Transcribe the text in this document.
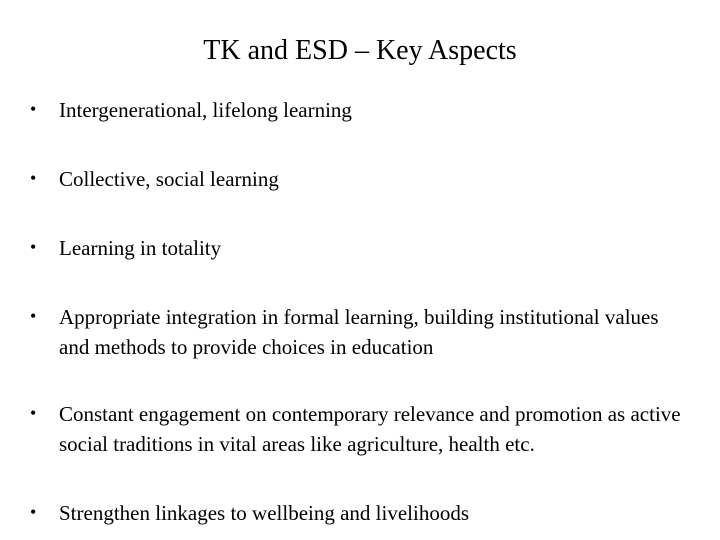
TK and ESD – Key Aspects
•	Intergenerational, lifelong learning
•	Collective, social learning
•	Learning in totality
•	Appropriate integration in formal learning, building institutional values and methods to provide choices in education
•	Constant engagement on contemporary relevance and promotion as active social traditions in vital areas like agriculture, health etc.
•	Strengthen linkages to wellbeing and livelihoods
